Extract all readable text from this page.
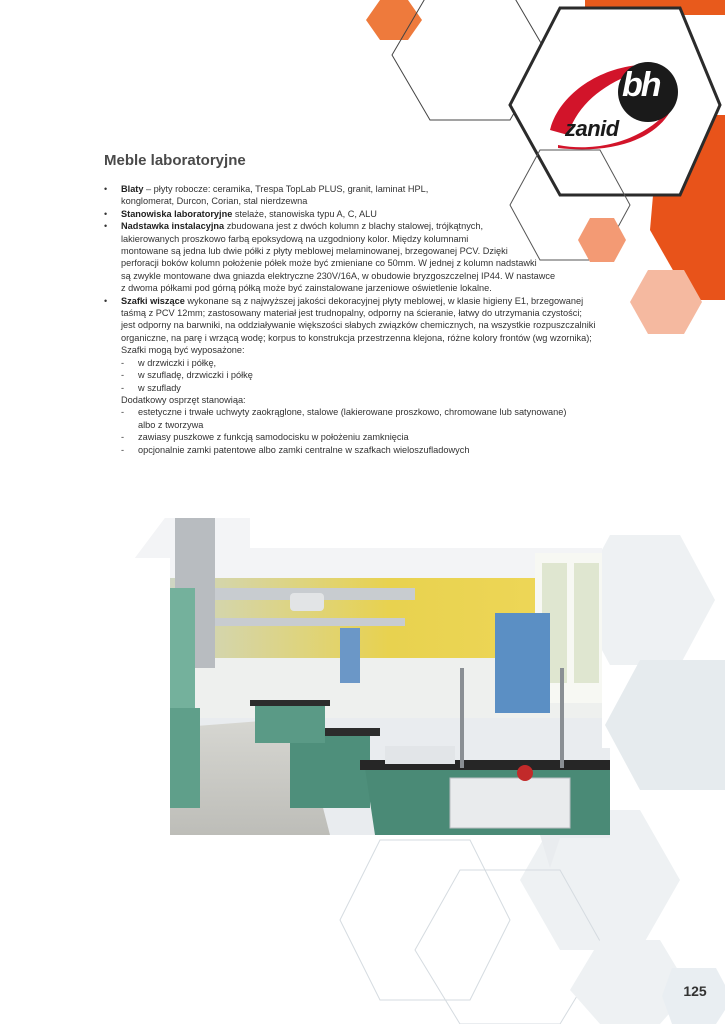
bh
zanid
Meble laboratoryjne
• Blaty – płyty robocze: ceramika, Trespa TopLab PLUS, granit, laminat HPL,
konglomerat, Durcon, Corian, stal nierdzewna
• Stanowiska laboratoryjne stelaże, stanowiska typu A, C, ALU
• Nadstawka instalacyjna zbudowana jest z dwóch kolumn z blachy stalowej, trójkątnych,
lakierowanych proszkowo farbą epoksydową na uzgodniony kolor. Między kolumnami
montowane są jedna lub dwie półki z płyty meblowej melaminowanej, brzegowanej PCV. Dzięki
perforacji boków kolumn położenie półek może być zmieniane co 50mm. W jednej z kolumn nadstawki
są zwykle montowane dwa gniazda elektryczne 230V/16A, w obudowie bryzgoszczelnej IP44. W nastawce
z dwoma półkami pod górną półką może być zainstalowane jarzeniowe oświetlenie lokalne.
• Szafki wiszące wykonane są z najwyższej jakości dekoracyjnej płyty meblowej, w klasie higieny E1, brzegowanej
taśmą z PCV 12mm; zastosowany materiał jest trudnopalny, odporny na ścieranie, łatwy do utrzymania czystości;
jest odporny na barwniki, na oddziaływanie większości słabych związków chemicznych, na wszystkie rozpuszczalniki
organiczne, na parę i wrzącą wodę; korpus to konstrukcja przestrzenna klejona, różne kolory frontów (wg wzornika);
Szafki mogą być wyposażone:
- w drzwiczki i półkę,
- w szufladę, drzwiczki i półkę
- w szuflady
Dodatkowy osprzęt stanowiąa:
- estetyczne i trwałe uchwyty zaokrąglone, stalowe (lakierowane proszkowo, chromowane lub satynowane)
albo z tworzywa
- zawiasy puszkowe z funkcją samodocisku w położeniu zamknięcia
- opcjonalnie zamki patentowe albo zamki centralne w szafkach wieloszufladowych
125
